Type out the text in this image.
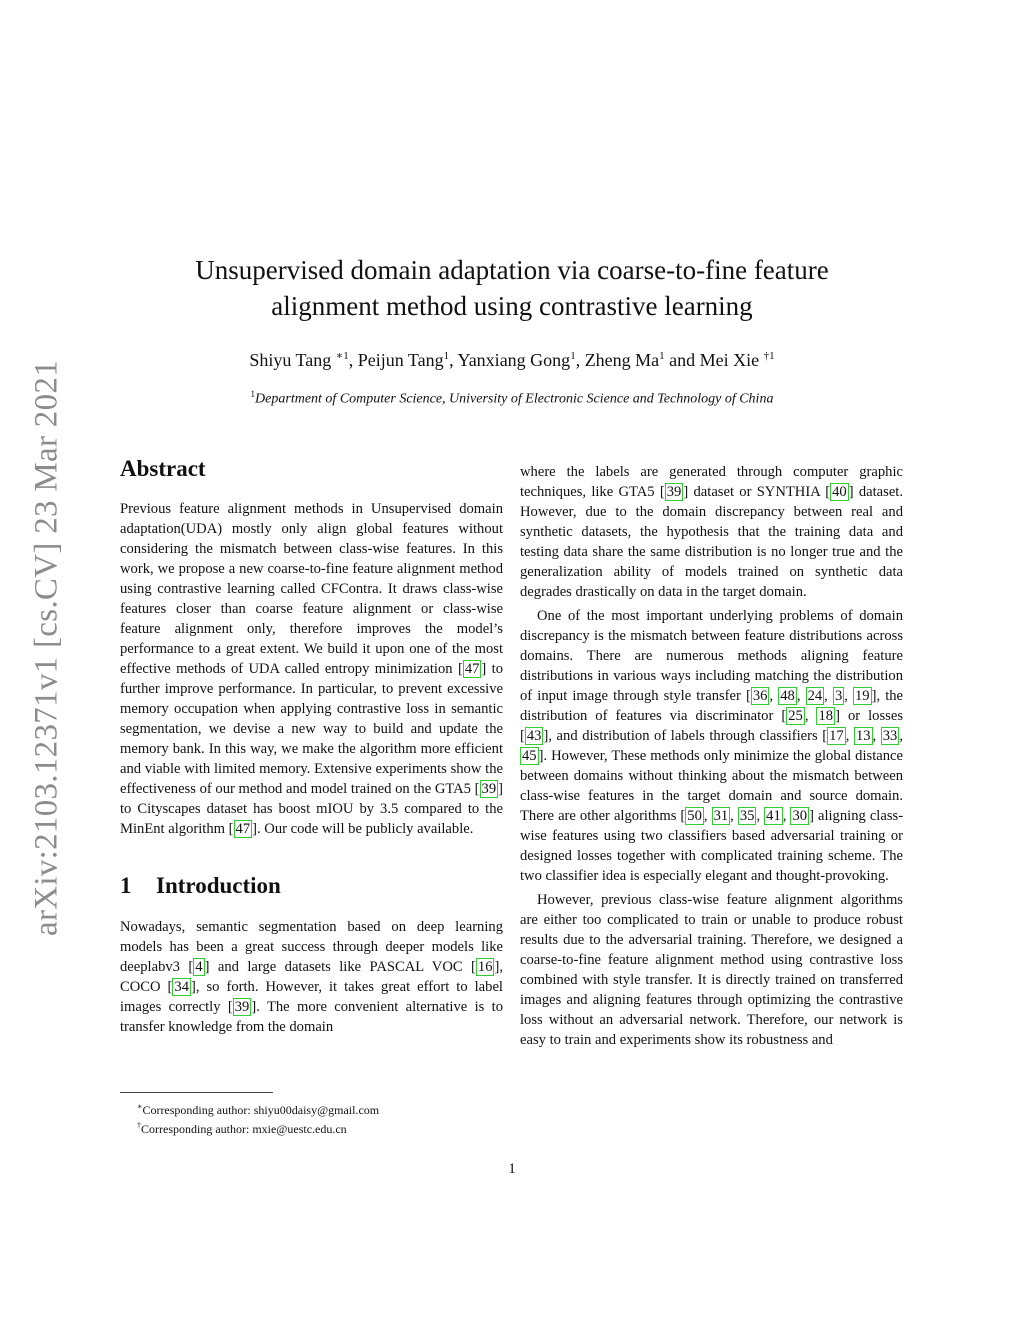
arXiv:2103.12371v1 [cs.CV] 23 Mar 2021
Unsupervised domain adaptation via coarse-to-fine feature
alignment method using contrastive learning
Shiyu Tang $^{∗1}$, Peijun Tang$^1$, Yanxiang Gong$^1$, Zheng Ma$^1$ and Mei Xie $^{\dagger 1}$
$^1$Department of Computer Science, University of Electronic Science and Technology of China
Abstract

Previous feature alignment methods in Unsupervised domain adaptation(UDA) mostly only align global features without considering the mismatch between class-wise features. In this work, we propose a new coarse-to-fine feature alignment method using contrastive learning called CFContra. It draws class-wise features closer than coarse feature alignment or class-wise feature alignment only, therefore improves the model’s performance to a great extent. We build it upon one of the most effective methods of UDA called entropy minimization [ 47 ] to further improve performance. In particular, to prevent excessive memory occupation when applying contrastive loss in semantic segmentation, we devise a new way to build and update the memory bank. In this way, we make the algorithm more efficient and viable with limited memory. Extensive experiments show the effectiveness of our method and model trained on the GTA5 [ 39 ] to Cityscapes dataset has boost mIOU by 3.5 compared to the MinEnt algorithm [ 47 ]. Our code will be publicly available.

1 Introduction

Nowadays, semantic segmentation based on deep learning models has been a great success through deeper models like deeplabv3 [ 4 ] and large datasets like PASCAL VOC [ 16 ], COCO [ 34 ], so forth. However, it takes great effort to label images correctly [ 39 ]. The more convenient alternative is to transfer knowledge from the domain

∗Corresponding author: shiyu00daisy@gmail.com
†Corresponding author: mxie@uestc.edu.cn

where the labels are generated through computer graphic techniques, like GTA5 [ 39 ] dataset or SYNTHIA [ 40 ] dataset. However, due to the domain discrepancy between real and synthetic datasets, the hypothesis that the training data and testing data share the same distribution is no longer true and the generalization ability of models trained on synthetic data degrades drastically on data in the target domain.

One of the most important underlying problems of domain discrepancy is the mismatch between feature distributions across domains. There are numerous methods aligning feature distributions in various ways including matching the distribution of input image through style transfer [ 36 , 48 , 24 , 3 , 19 ], the distribution of features via discriminator [ 25 , 18 ] or losses [ 43 ], and distribution of labels through classifiers [ 17 , 13 , 33 , 45 ]. However, These methods only minimize the global distance between domains without thinking about the mismatch between class-wise features in the target domain and source domain. There are other algorithms [ 50 , 31 , 35 , 41 , 30 ] aligning class-wise features using two classifiers based adversarial training or designed losses together with complicated training scheme. The two classifier idea is especially elegant and thought-provoking.

However, previous class-wise feature alignment algorithms are either too complicated to train or unable to produce robust results due to the adversarial training. Therefore, we designed a coarse-to-fine feature alignment method using contrastive loss combined with style transfer. It is directly trained on transferred images and aligning features through optimizing the contrastive loss without an adversarial network. Therefore, our network is easy to train and experiments show its robustness and

1
